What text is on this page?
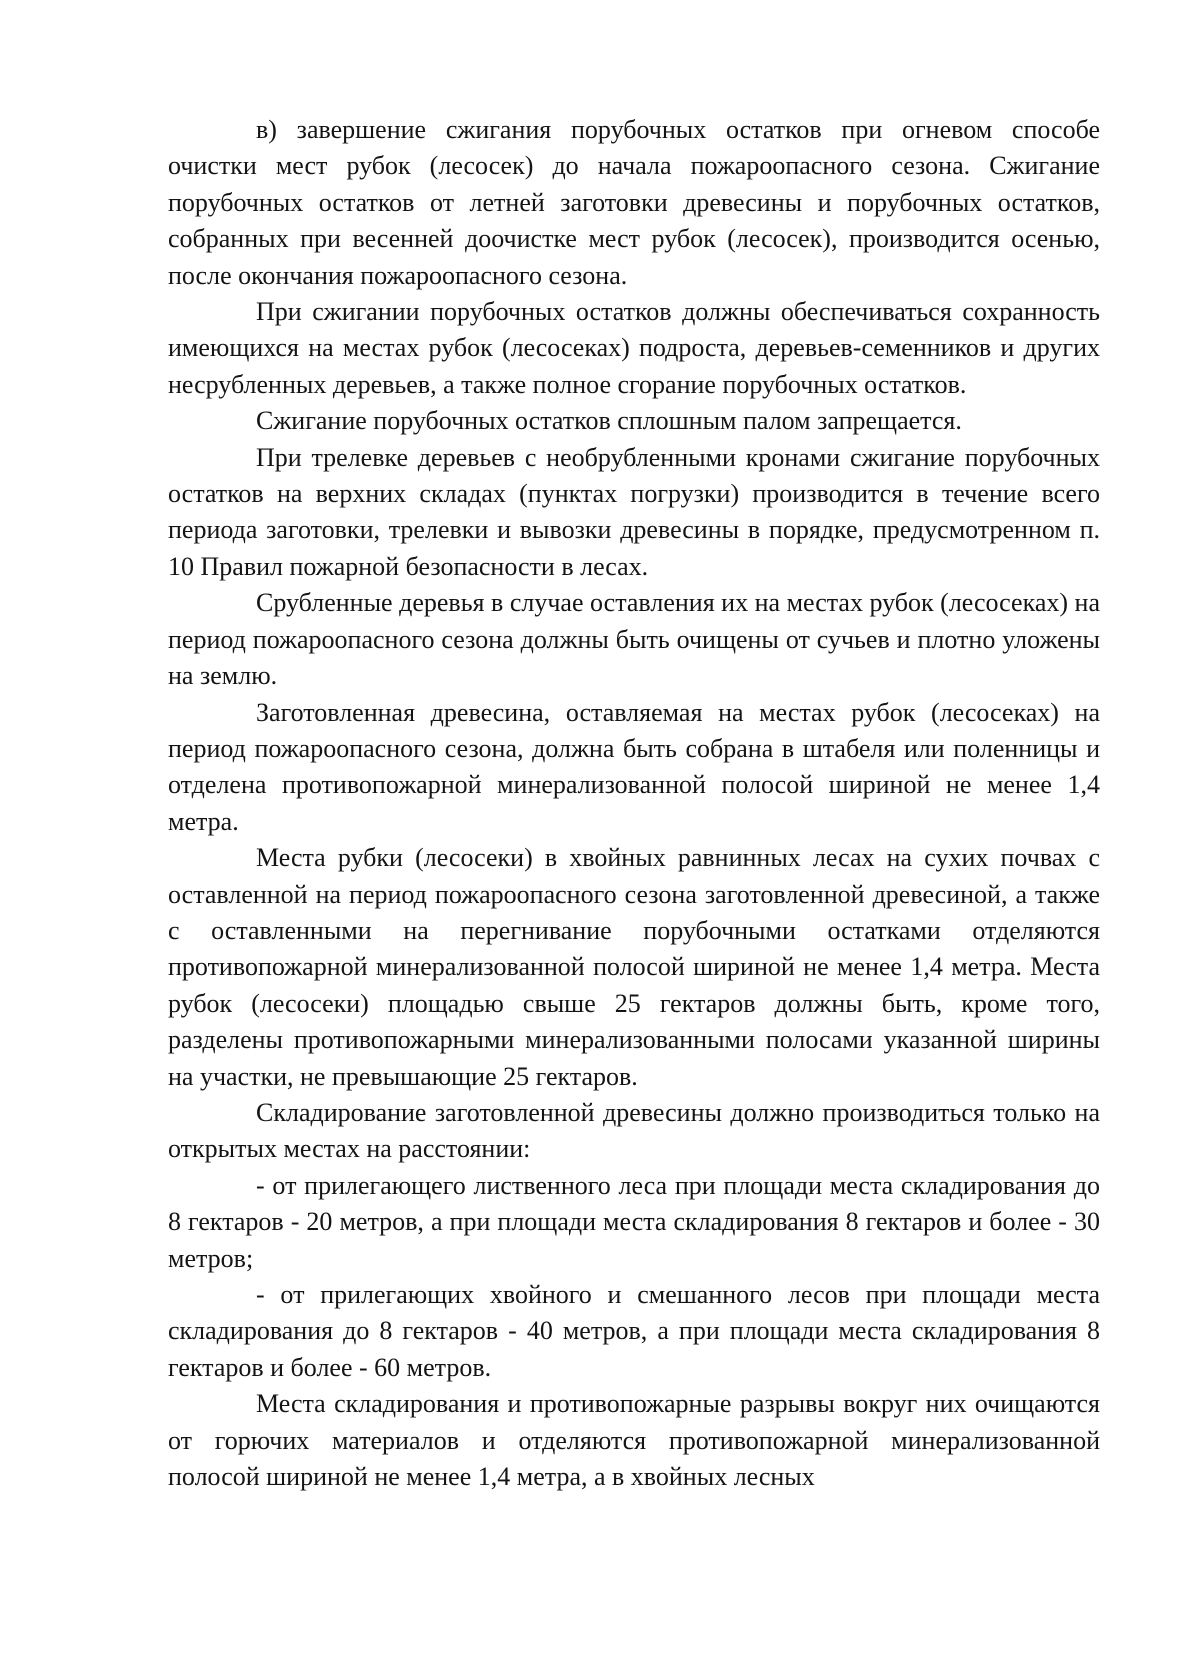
в) завершение сжигания порубочных остатков при огневом способе очистки мест рубок (лесосек) до начала пожароопасного сезона. Сжигание порубочных остатков от летней заготовки древесины и порубочных остатков, собранных при весенней доочистке мест рубок (лесосек), производится осенью, после окончания пожароопасного сезона.

При сжигании порубочных остатков должны обеспечиваться сохранность имеющихся на местах рубок (лесосеках) подроста, деревьев-семенников и других несрубленных деревьев, а также полное сгорание порубочных остатков.

Сжигание порубочных остатков сплошным палом запрещается.

При трелевке деревьев с необрубленными кронами сжигание порубочных остатков на верхних складах (пунктах погрузки) производится в течение всего периода заготовки, трелевки и вывозки древесины в порядке, предусмотренном п. 10 Правил пожарной безопасности в лесах.

Срубленные деревья в случае оставления их на местах рубок (лесосеках) на период пожароопасного сезона должны быть очищены от сучьев и плотно уложены на землю.

Заготовленная древесина, оставляемая на местах рубок (лесосеках) на период пожароопасного сезона, должна быть собрана в штабеля или поленницы и отделена противопожарной минерализованной полосой шириной не менее 1,4 метра.

Места рубки (лесосеки) в хвойных равнинных лесах на сухих почвах с оставленной на период пожароопасного сезона заготовленной древесиной, а также с оставленными на перегнивание порубочными остатками отделяются противопожарной минерализованной полосой шириной не менее 1,4 метра. Места рубок (лесосеки) площадью свыше 25 гектаров должны быть, кроме того, разделены противопожарными минерализованными полосами указанной ширины на участки, не превышающие 25 гектаров.

Складирование заготовленной древесины должно производиться только на открытых местах на расстоянии:

- от прилегающего лиственного леса при площади места складирования до 8 гектаров - 20 метров, а при площади места складирования 8 гектаров и более - 30 метров;

- от прилегающих хвойного и смешанного лесов при площади места складирования до 8 гектаров - 40 метров, а при площади места складирования 8 гектаров и более - 60 метров.

Места складирования и противопожарные разрывы вокруг них очищаются от горючих материалов и отделяются противопожарной минерализованной полосой шириной не менее 1,4 метра, а в хвойных лесных
